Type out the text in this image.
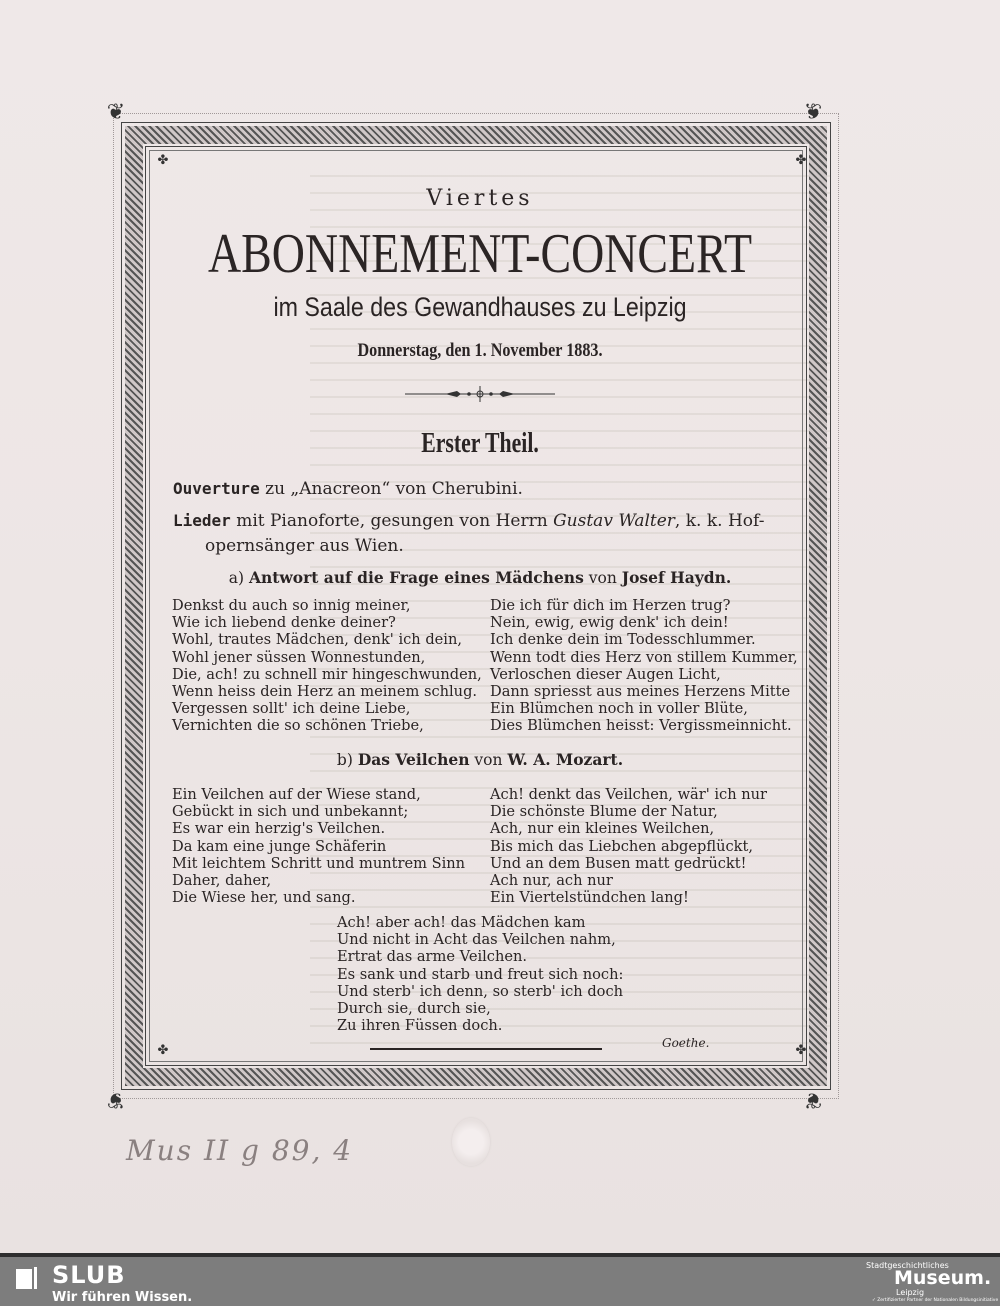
❦	❦
❦	❦
✤	✤
✤	✤
Viertes
ABONNEMENT-CONCERT
im Saale des Gewandhauses zu Leipzig
Donnerstag, den 1. November 1883.
Erster Theil.
Ouverture zu „Anacreon“ von Cherubini.
Lieder mit Pianoforte, gesungen von Herrn Gustav Walter, k. k. Hof-
opernsänger aus Wien.
a) Antwort auf die Frage eines Mädchens von Josef Haydn.
Denkst du auch so innig meiner,
Wie ich liebend denke deiner?
Wohl, trautes Mädchen, denk' ich dein,
Wohl jener süssen Wonnestunden,
Die, ach! zu schnell mir hingeschwunden,
Wenn heiss dein Herz an meinem schlug.
Vergessen sollt' ich deine Liebe,
Vernichten die so schönen Triebe,
Die ich für dich im Herzen trug?
Nein, ewig, ewig denk' ich dein!
Ich denke dein im Todesschlummer.
Wenn todt dies Herz von stillem Kummer,
Verloschen dieser Augen Licht,
Dann spriesst aus meines Herzens Mitte
Ein Blümchen noch in voller Blüte,
Dies Blümchen heisst: Vergissmeinnicht.
b) Das Veilchen von W. A. Mozart.
Ein Veilchen auf der Wiese stand,
Gebückt in sich und unbekannt;
Es war ein herzig's Veilchen.
Da kam eine junge Schäferin
Mit leichtem Schritt und muntrem Sinn
Daher, daher,
Die Wiese her, und sang.
Ach! denkt das Veilchen, wär' ich nur
Die schönste Blume der Natur,
Ach, nur ein kleines Weilchen,
Bis mich das Liebchen abgepflückt,
Und an dem Busen matt gedrückt!
Ach nur, ach nur
Ein Viertelstündchen lang!
Ach! aber ach! das Mädchen kam
Und nicht in Acht das Veilchen nahm,
Ertrat das arme Veilchen.
Es sank und starb und freut sich noch:
Und sterb' ich denn, so sterb' ich doch
Durch sie, durch sie,
Zu ihren Füssen doch.
Goethe.
Mus II g 89, 4
SLUB
Wir führen Wissen.
Stadtgeschichtliches
Museum.
Leipzig
✓ Zertifizierter Partner der Nationalen Bildungsinitiative
